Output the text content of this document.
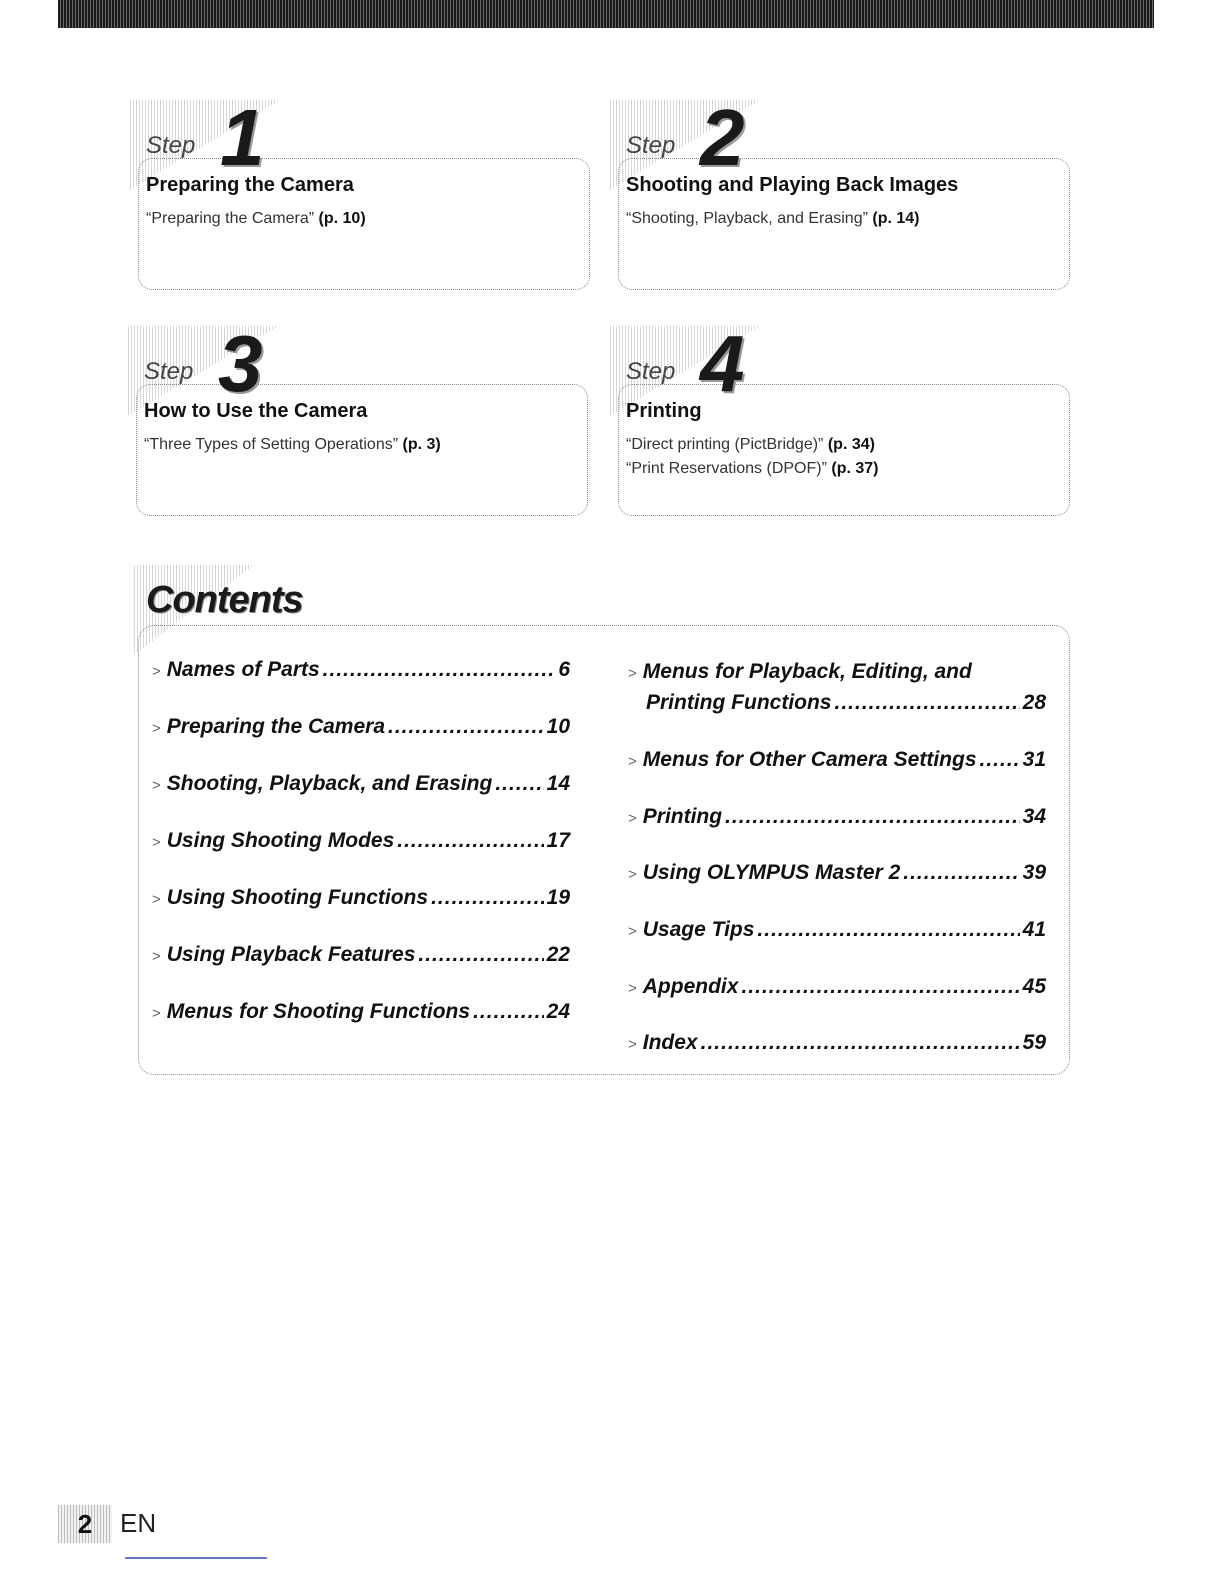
Step 1
Preparing the Camera
“Preparing the Camera” (p. 10)
Step 2
Shooting and Playing Back Images
“Shooting, Playback, and Erasing” (p. 14)
Step 3
How to Use the Camera
“Three Types of Setting Operations” (p. 3)
Step 4
Printing
“Direct printing (PictBridge)” (p. 34)
“Print Reservations (DPOF)” (p. 37)
Contents
> Names of Parts .....	6
> Preparing the Camera .....	10
> Shooting, Playback, and Erasing .....	14
> Using Shooting Modes .....	17
> Using Shooting Functions .....	19
> Using Playback Features .....	22
> Menus for Shooting Functions .....	24
> Menus for Playback, Editing, and
Printing Functions .....	28
> Menus for Other Camera Settings ..... 31
> Printing .....	34
> Using OLYMPUS Master 2 .....	39
> Usage Tips .....	41
> Appendix .....	45
> Index .....	59
2	EN
